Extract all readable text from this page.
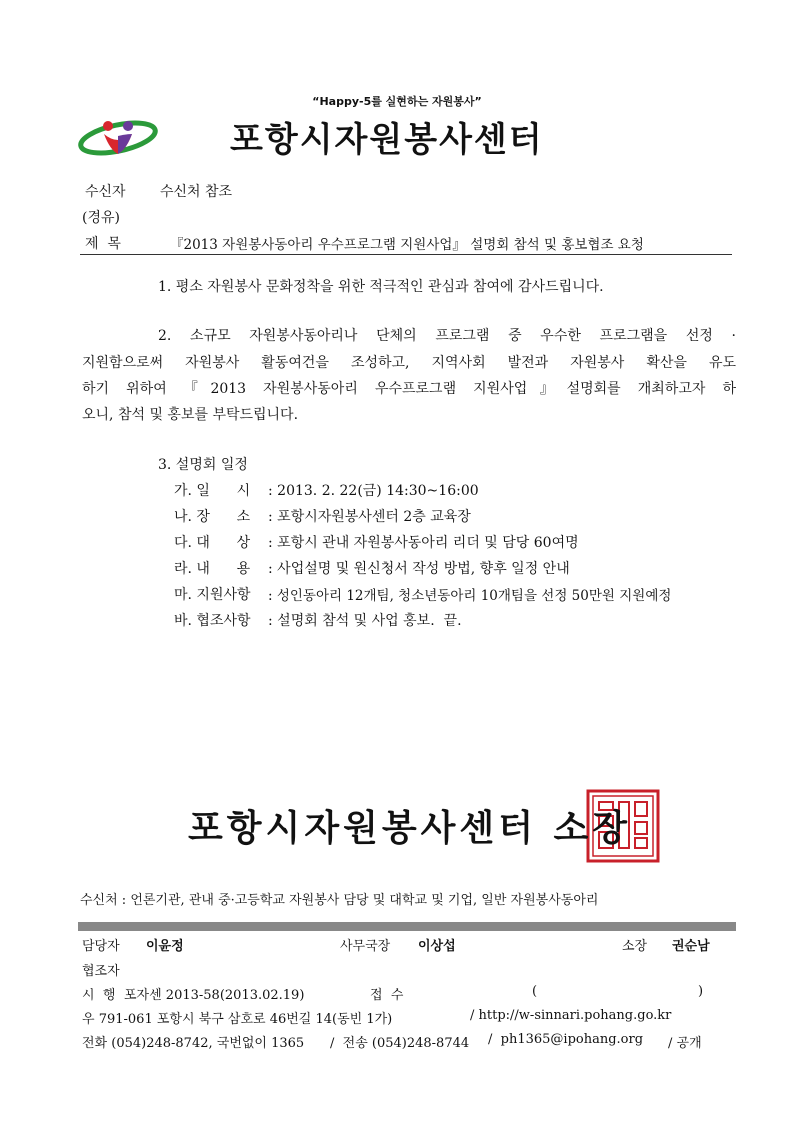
“Happy-5를 실현하는 자원봉사”
포항시자원봉사센터
수신자 수신처 참조
(경유)
제  목	『2013 자원봉사동아리 우수프로그램 지원사업』 설명회 참석 및 홍보협조 요청
1. 평소 자원봉사 문화정착을 위한 적극적인 관심과 참여에 감사드립니다.
2. 소규모 자원봉사동아리나 단체의 프로그램 중 우수한 프로그램을 선정 ·
지원함으로써 자원봉사 활동여건을 조성하고, 지역사회 발전과 자원봉사 확산을 유도
하기 위하여 『2013 자원봉사동아리 우수프로그램 지원사업』설명회를 개최하고자 하
오니, 참석 및 홍보를 부탁드립니다.
3. 설명회 일정
가. 일      시 : 2013. 2. 22(금) 14:30~16:00
나. 장      소 : 포항시자원봉사센터 2층 교육장
다. 대      상 : 포항시 관내 자원봉사동아리 리더 및 담당 60여명
라. 내      용 : 사업설명 및 원신청서 작성 방법, 향후 일정 안내
마. 지원사항 : 성인동아리 12개팀, 청소년동아리 10개팀을 선정 50만원 지원예정
바. 협조사항 : 설명회 참석 및 사업 홍보.  끝.
포항시자원봉사센터 소장
수신처 : 언론기관, 관내 중·고등학교 자원봉사 담당 및 대학교 및 기업, 일반 자원봉사동아리
담당자 이윤정	사무국장 이상섭	소장 권순남
협조자
시  행 포자센 2013-58(2013.02.19)	접  수	(	)
우 791-061 포항시 북구 삼호로 46번길 14(동빈 1가)	/ http://w-sinnari.pohang.go.kr
전화 (054)248-8742, 국번없이 1365 /  전송 (054)248-8744 /  ph1365@ipohang.org / 공개
